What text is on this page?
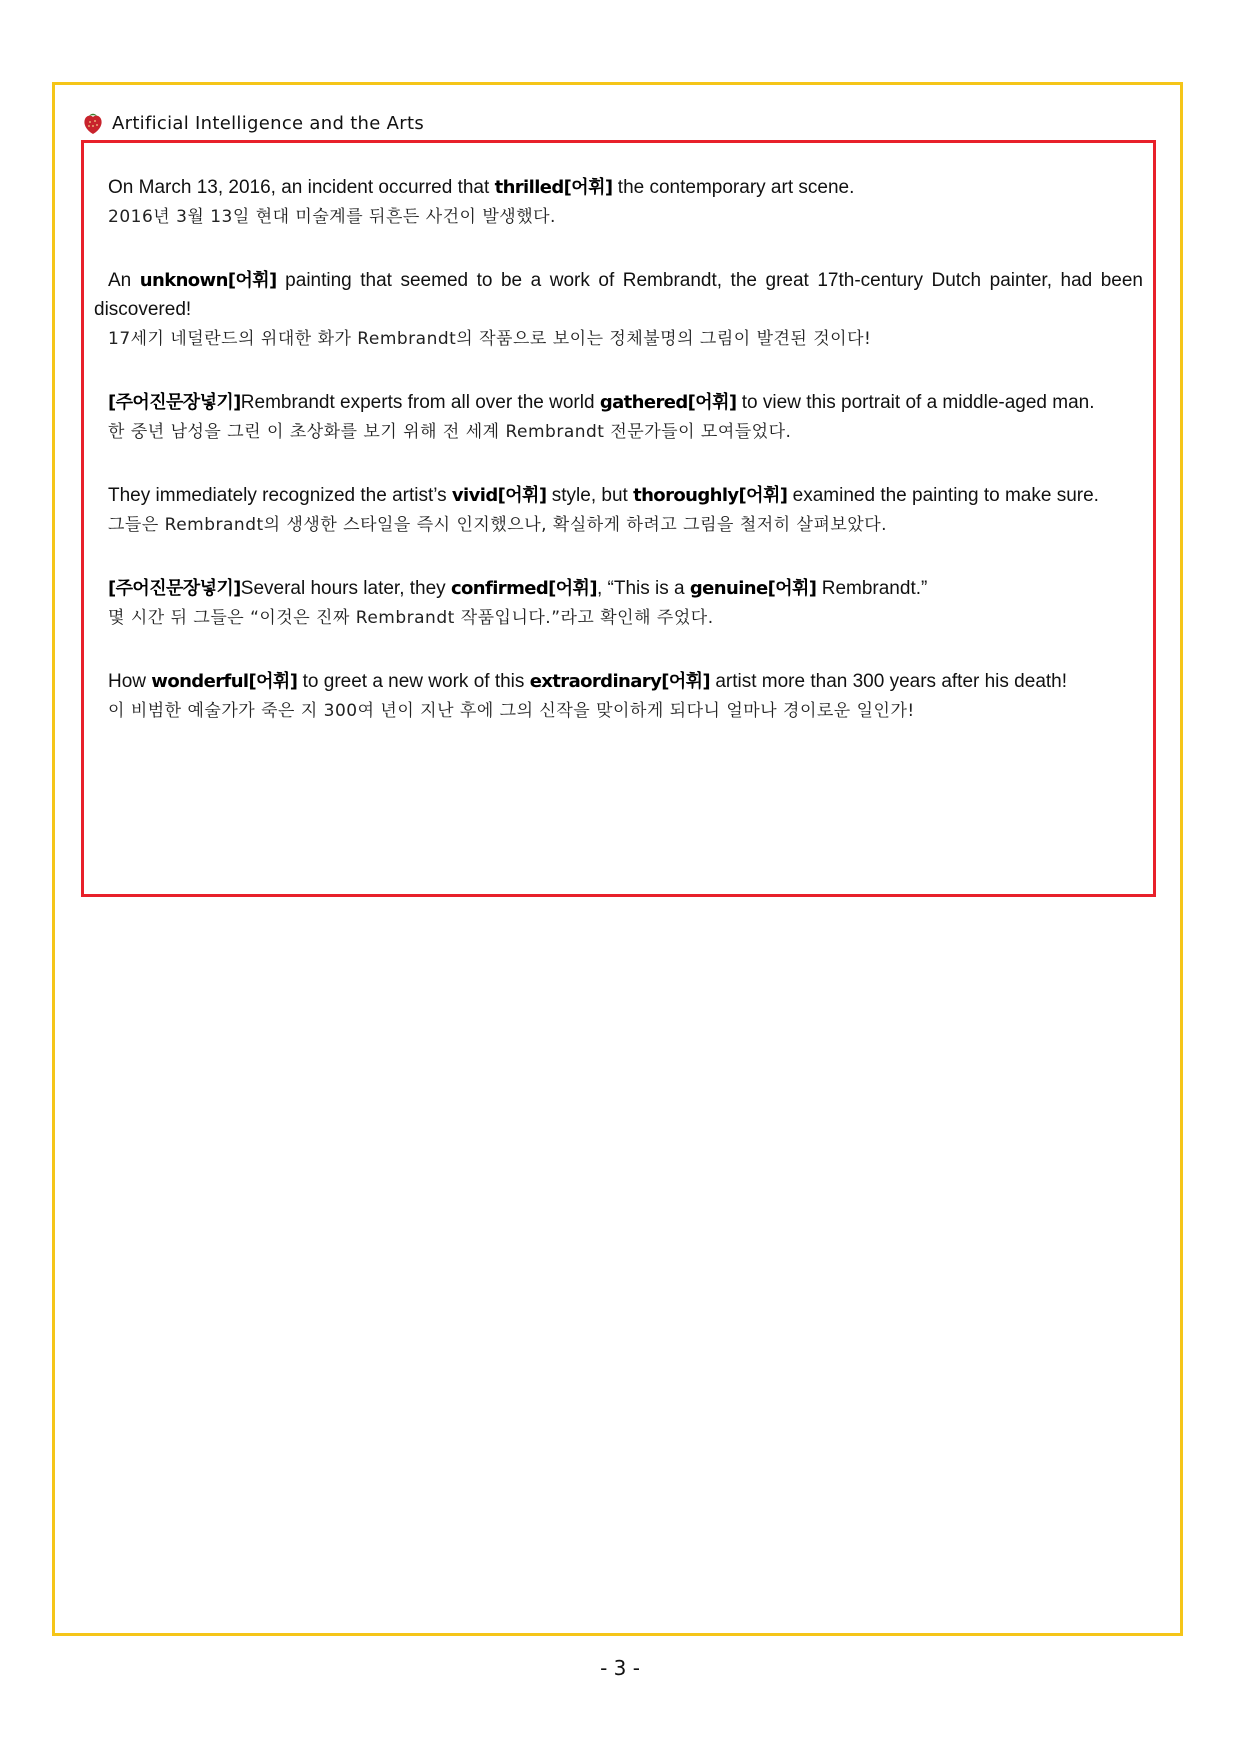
Artificial Intelligence and the Arts

On March 13, 2016, an incident occurred that thrilled[어휘] the contemporary art scene.

2016년 3월 13일 현대 미술계를 뒤흔든 사건이 발생했다.

An unknown[어휘] painting that seemed to be a work of Rembrandt, the great 17th-century Dutch painter, had been discovered!

17세기 네덜란드의 위대한 화가 Rembrandt의 작품으로 보이는 정체불명의 그림이 발견된 것이다!

[주어진문장넣기]Rembrandt experts from all over the world gathered[어휘] to view this portrait of a middle-aged man.

한 중년 남성을 그린 이 초상화를 보기 위해 전 세계 Rembrandt 전문가들이 모여들었다.

They immediately recognized the artist’s vivid[어휘] style, but thoroughly[어휘] examined the painting to make sure.

그들은 Rembrandt의 생생한 스타일을 즉시 인지했으나, 확실하게 하려고 그림을 철저히 살펴보았다.

[주어진문장넣기]Several hours later, they confirmed[어휘], “This is a genuine[어휘] Rembrandt.”

몇 시간 뒤 그들은 “이것은 진짜 Rembrandt 작품입니다.”라고 확인해 주었다.

How wonderful[어휘] to greet a new work of this extraordinary[어휘] artist more than 300 years after his death!

이 비범한 예술가가 죽은 지 300여 년이 지난 후에 그의 신작을 맞이하게 되다니 얼마나 경이로운 일인가!

- 3 -
